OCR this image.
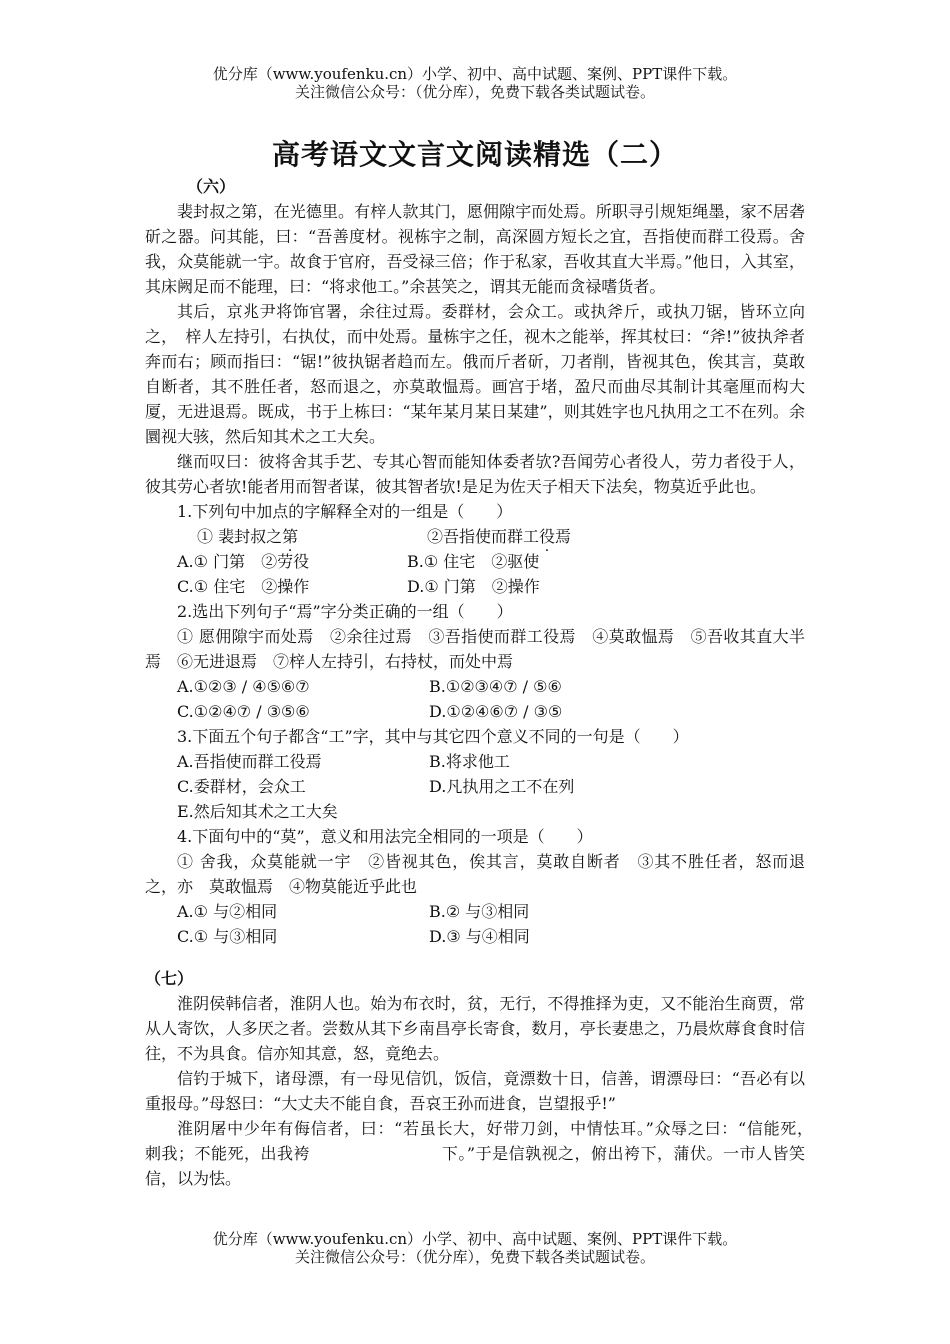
优分库（www.youfenku.cn）小学、初中、高中试题、案例、PPT课件下载。
关注微信公众号：（优分库），免费下载各类试题试卷。
高考语文文言文阅读精选（二）

（六）

裴封叔之第，在光德里。有梓人款其门，愿佣隙宇而处焉。所职寻引规矩绳墨，家不居砻斫之器。问其能，曰：“吾善度材。视栋宇之制，高深圆方短长之宜，吾指使而群工役焉。舍我，众莫能就一宇。故食于官府，吾受禄三倍；作于私家，吾收其直大半焉。”他日，入其室，其床阙足而不能理，曰：“将求他工。”余甚笑之，谓其无能而贪禄嗜货者。

其后，京兆尹将饰官署，余往过焉。委群材，会众工。或执斧斤，或执刀锯，皆环立向之，　梓人左持引，右执仗，而中处焉。量栋宇之任，视木之能举，挥其杖曰：“斧!”彼执斧者奔而右；顾而指曰：“锯!”彼执锯者趋而左。俄而斤者斫，刀者削，皆视其色，俟其言，莫敢自断者，其不胜任者，怒而退之，亦莫敢愠焉。画宫于堵，盈尺而曲尽其制计其毫厘而构大厦，无进退焉。既成，书于上栋曰：“某年某月某日某建”，则其姓字也凡执用之工不在列。余圜视大骇，然后知其术之工大矣。

继而叹曰：彼将舍其手艺、专其心智而能知体委者欤?吾闻劳心者役人，劳力者役于人，彼其劳心者欤!能者用而智者谋，彼其智者欤!是足为佐天子相天下法矣，物莫近乎此也。

1.下列句中加点的字解释全对的一组是（　　）

① 裴封叔之第	②吾指使而群工役焉
A.① 门第　②劳役	B.① 住宅　②驱使
C.① 住宅　②操作	D.① 门第　②操作

2.选出下列句子“焉”字分类正确的一组（　　）

① 愿佣隙宇而处焉　②余往过焉　③吾指使而群工役焉　④莫敢愠焉　⑤吾收其直大半焉　⑥无进退焉　⑦梓人左持引，右持杖，而处中焉

A.①②③ / ④⑤⑥⑦	B.①②③④⑦ / ⑤⑥
C.①②④⑦ / ③⑤⑥	D.①②④⑥⑦ / ③⑤

3.下面五个句子都含“工”字，其中与其它四个意义不同的一句是（　　）

A.吾指使而群工役焉	B.将求他工
C.委群材，会众工	D.凡执用之工不在列

E.然后知其术之工大矣

4.下面句中的“莫”，意义和用法完全相同的一项是（　　）

① 舍我，众莫能就一宇　②皆视其色，俟其言，莫敢自断者　③其不胜任者，怒而退之，亦　莫敢愠焉　④物莫能近乎此也

A.① 与②相同	B.② 与③相同
C.① 与③相同	D.③ 与④相同

（七）

淮阴侯韩信者，淮阴人也。始为布衣时，贫，无行，不得推择为吏，又不能治生商贾，常从人寄饮，人多厌之者。尝数从其下乡南昌亭长寄食，数月，亭长妻患之，乃晨炊蓐食食时信往，不为具食。信亦知其意，怒，竟绝去。

信钓于城下，诸母漂，有一母见信饥，饭信，竟漂数十日，信善，谓漂母曰：“吾必有以重报母。”母怒曰：“大丈夫不能自食，吾哀王孙而进食，岂望报乎!”

淮阴屠中少年有侮信者，曰：“若虽长大，好带刀剑，中情怯耳。”众辱之曰：“信能死，　刺我；不能死，出我袴　　　　　　　　下。”于是信孰视之，俯出袴下，蒲伏。一市人皆笑信，以为怯。

优分库（www.youfenku.cn）小学、初中、高中试题、案例、PPT课件下载。
关注微信公众号：（优分库），免费下载各类试题试卷。
